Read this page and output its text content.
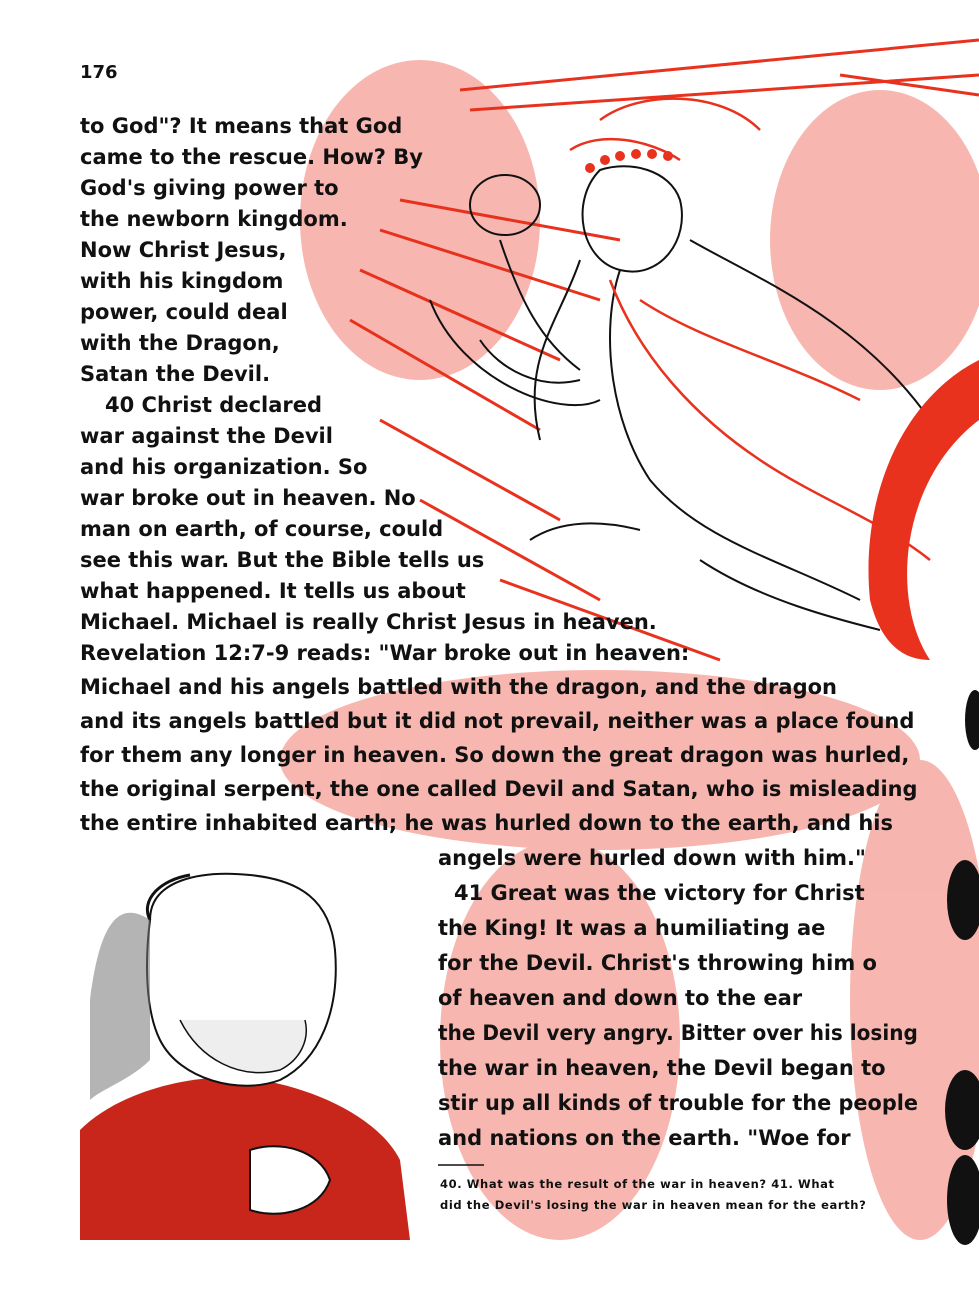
176
to God"? It means that God
came to the rescue. How? By
God's giving power to
the newborn kingdom.
Now Christ Jesus,
with his kingdom
power, could deal
with the Dragon,
Satan the Devil.
40 Christ declared
war against the Devil
and his organization. So
war broke out in heaven. No
man on earth, of course, could
see this war. But the Bible tells us
what happened. It tells us about
Michael. Michael is really Christ Jesus in heaven.
Revelation 12:7-9 reads: "War broke out in heaven:
Michael and his angels battled with the dragon, and the dragon
and its angels battled but it did not prevail, neither was a place found
for them any longer in heaven. So down the great dragon was hurled,
the original serpent, the one called Devil and Satan, who is misleading
the entire inhabited earth; he was hurled down to the earth, and his
angels were hurled down with him."
41 Great was the victory for Christ
the King! It was a humiliating ae
for the Devil. Christ's throwing him o
of heaven and down to the ear
the Devil very angry. Bitter over his losing
the war in heaven, the Devil began to
stir up all kinds of trouble for the people
and nations on the earth. "Woe for
40. What was the result of the war in heaven? 41. What
did the Devil's losing the war in heaven mean for the earth?
